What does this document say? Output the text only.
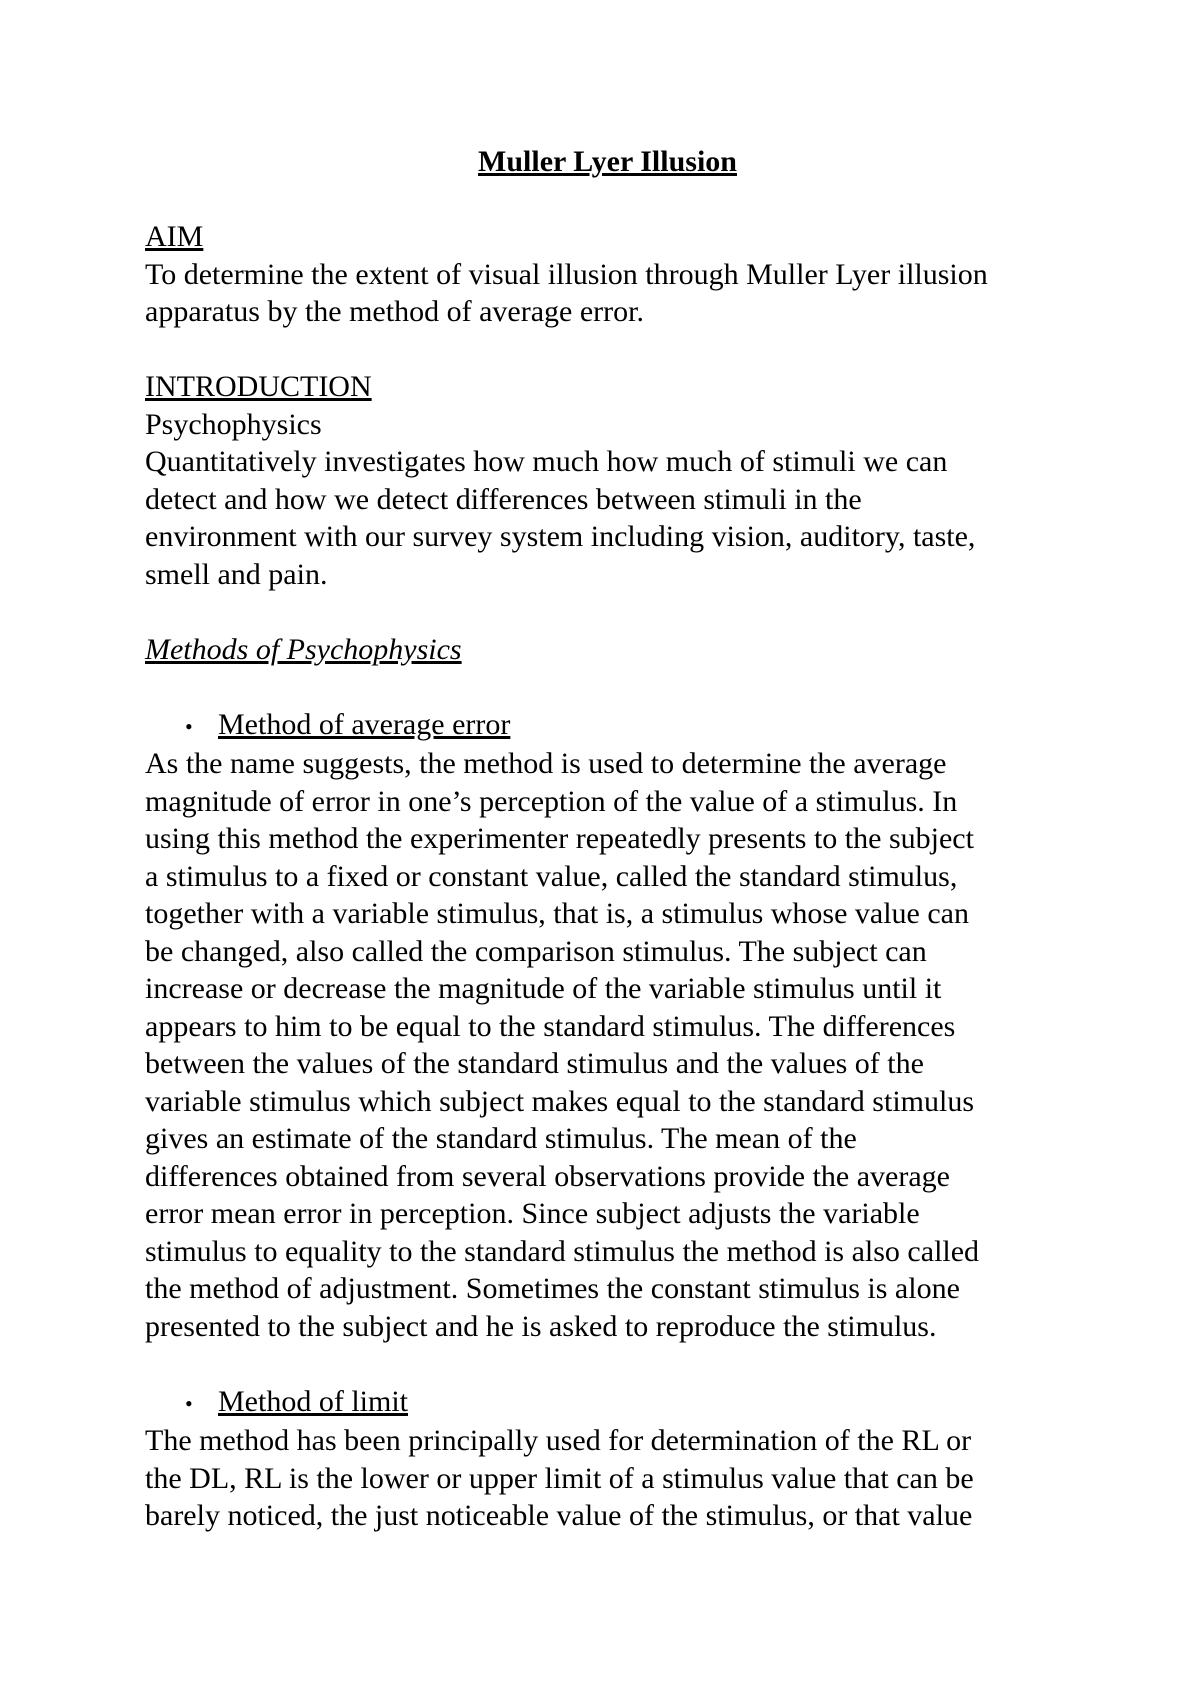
Muller Lyer Illusion
AIM

To determine the extent of visual illusion through Muller Lyer illusion
apparatus by the method of average error.

INTRODUCTION

Psychophysics
Quantitatively investigates how much how much of stimuli we can
detect and how we detect differences between stimuli in the
environment with our survey system including vision, auditory, taste,
smell and pain.

Methods of Psychophysics

• Method of average error

As the name suggests, the method is used to determine the average
magnitude of error in one’s perception of the value of a stimulus. In
using this method the experimenter repeatedly presents to the subject
a stimulus to a fixed or constant value, called the standard stimulus,
together with a variable stimulus, that is, a stimulus whose value can
be changed, also called the comparison stimulus. The subject can
increase or decrease the magnitude of the variable stimulus until it
appears to him to be equal to the standard stimulus. The differences
between the values of the standard stimulus and the values of the
variable stimulus which subject makes equal to the standard stimulus
gives an estimate of the standard stimulus. The mean of the
differences obtained from several observations provide the average
error mean error in perception. Since subject adjusts the variable
stimulus to equality to the standard stimulus the method is also called
the method of adjustment. Sometimes the constant stimulus is alone
presented to the subject and he is asked to reproduce the stimulus.

• Method of limit

The method has been principally used for determination of the RL or
the DL, RL is the lower or upper limit of a stimulus value that can be
barely noticed, the just noticeable value of the stimulus, or that value
